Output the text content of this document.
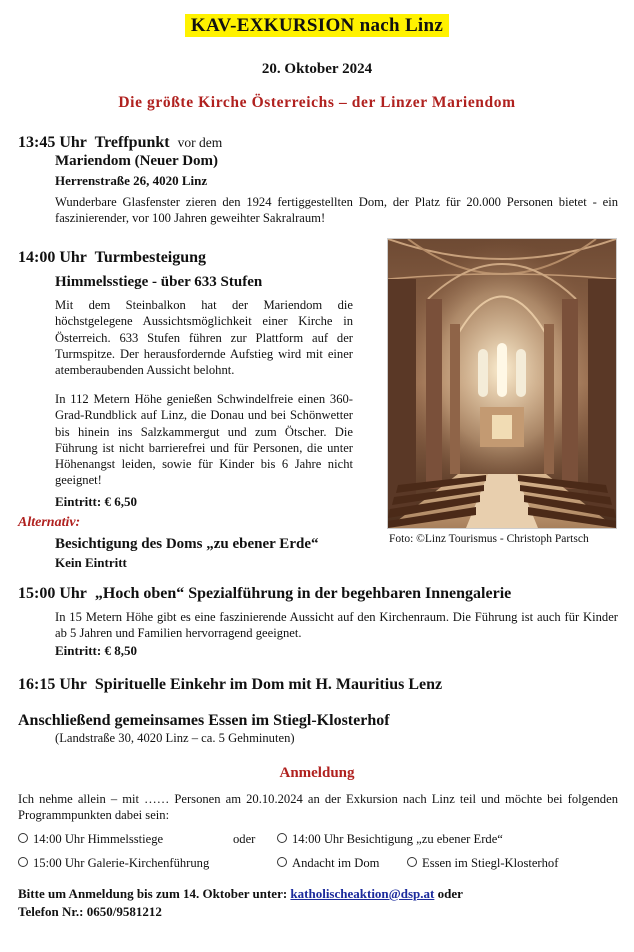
KAV-EXKURSION nach Linz
20. Oktober 2024
Die größte Kirche Österreichs – der Linzer Mariendom
13:45 Uhr Treffpunkt vor dem
Mariendom (Neuer Dom)
Herrenstraße 26, 4020 Linz
Wunderbare Glasfenster zieren den 1924 fertiggestellten Dom, der Platz für 20.000 Personen bietet - ein faszinierender, vor 100 Jahren geweihter Sakralraum!
14:00 Uhr Turmbesteigung
Himmelsstiege - über 633 Stufen
Mit dem Steinbalkon hat der Mariendom die höchstgelegene Aussichtsmöglichkeit einer Kirche in Österreich. 633 Stufen führen zur Plattform auf der Turmspitze. Der herausfordernde Aufstieg wird mit einer atemberaubenden Aussicht belohnt.
In 112 Metern Höhe genießen Schwindelfreie einen 360-Grad-Rundblick auf Linz, die Donau und bei Schönwetter bis hinein ins Salzkammergut und zum Ötscher. Die Führung ist nicht barrierefrei und für Personen, die unter Höhenangst leiden, sowie für Kinder bis 6 Jahre nicht geeignet!
Eintritt: € 6,50
Alternativ:
Besichtigung des Doms „zu ebener Erde“
Kein Eintritt
Foto: ©Linz Tourismus - Christoph Partsch
15:00 Uhr „Hoch oben“ Spezialführung in der begehbaren Innengalerie
In 15 Metern Höhe gibt es eine faszinierende Aussicht auf den Kirchenraum. Die Führung ist auch für Kinder ab 5 Jahren und Familien hervorragend geeignet.
Eintritt: € 8,50
16:15 Uhr Spirituelle Einkehr im Dom mit H. Mauritius Lenz
Anschließend gemeinsames Essen im Stiegl-Klosterhof
(Landstraße 30, 4020 Linz – ca. 5 Gehminuten)
Anmeldung
Ich nehme allein – mit …… Personen am 20.10.2024 an der Exkursion nach Linz teil und möchte bei folgenden Programmpunkten dabei sein:
14:00 Uhr Himmelsstiege	oder	14:00 Uhr Besichtigung „zu ebener Erde“
15:00 Uhr Galerie-Kirchenführung	Andacht im Dom	Essen im Stiegl-Klosterhof
Bitte um Anmeldung bis zum 14. Oktober unter: katholischeaktion@dsp.at oder
Telefon Nr.: 0650/9581212
